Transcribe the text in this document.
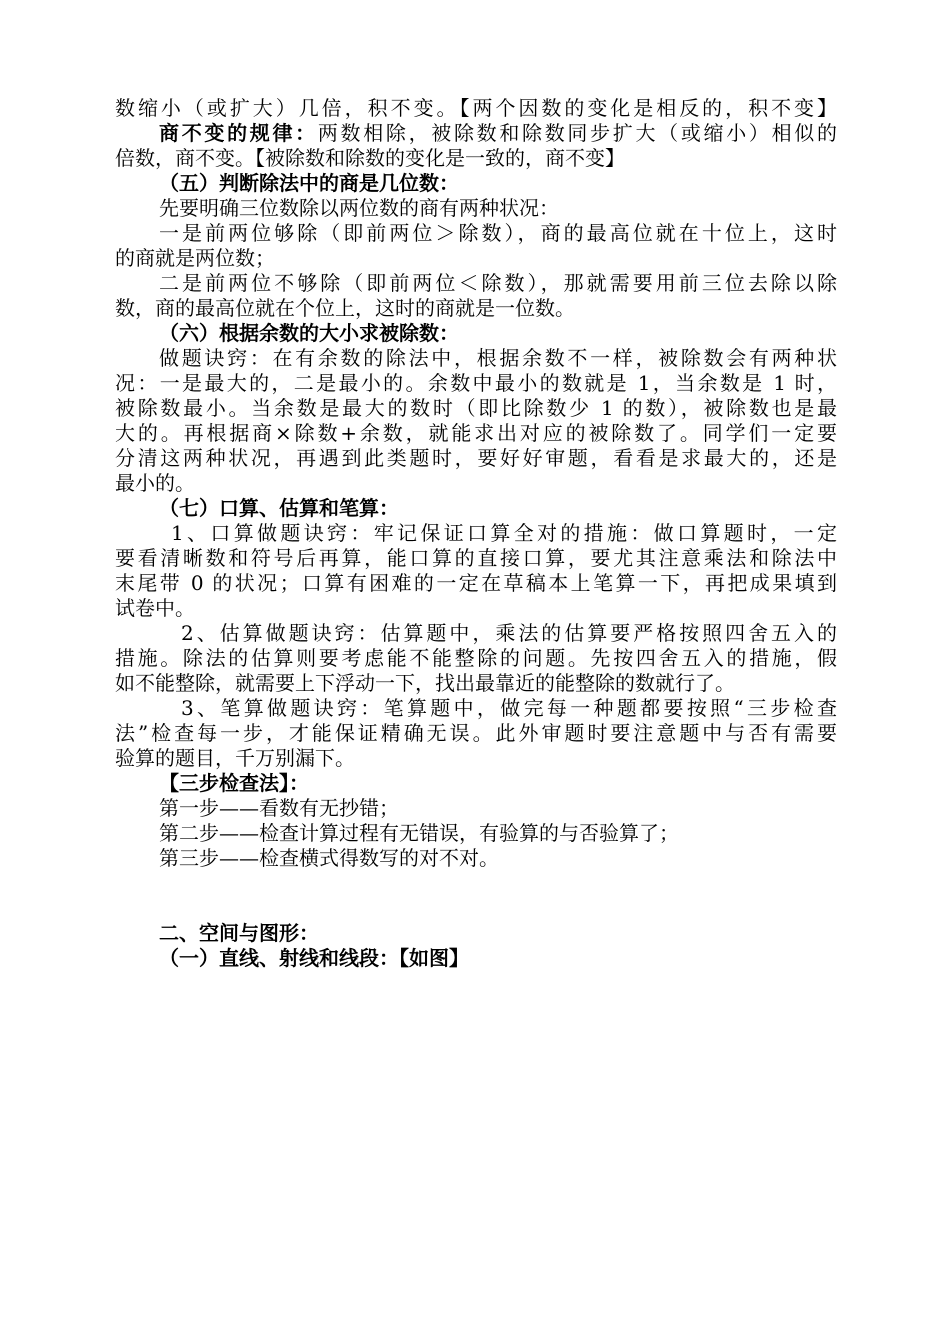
数缩小（或扩大）几倍，积不变。【两个因数的变化是相反的，积不变】
商不变的规律：两数相除，被除数和除数同步扩大（或缩小）相似的
倍数，商不变。【被除数和除数的变化是一致的，商不变】
（五）判断除法中的商是几位数：
先要明确三位数除以两位数的商有两种状况：
一是前两位够除（即前两位＞除数），商的最高位就在十位上，这时
的商就是两位数；
二是前两位不够除（即前两位＜除数），那就需要用前三位去除以除
数，商的最高位就在个位上，这时的商就是一位数。
（六）根据余数的大小求被除数：
做题诀窍：在有余数的除法中，根据余数不一样，被除数会有两种状
况：一是最大的，二是最小的。余数中最小的数就是 1，当余数是 1 时，
被除数最小。当余数是最大的数时（即比除数少 1 的数），被除数也是最
大的。再根据商×除数+余数，就能求出对应的被除数了。同学们一定要
分清这两种状况，再遇到此类题时，要好好审题，看看是求最大的，还是
最小的。
（七）口算、估算和笔算：
1、口算做题诀窍：牢记保证口算全对的措施：做口算题时，一定
要看清晰数和符号后再算，能口算的直接口算，要尤其注意乘法和除法中
末尾带 0 的状况；口算有困难的一定在草稿本上笔算一下，再把成果填到
试卷中。
2、估算做题诀窍：估算题中，乘法的估算要严格按照四舍五入的
措施。除法的估算则要考虑能不能整除的问题。先按四舍五入的措施，假
如不能整除，就需要上下浮动一下，找出最靠近的能整除的数就行了。
3、笔算做题诀窍：笔算题中，做完每一种题都要按照“三步检查
法”检查每一步，才能保证精确无误。此外审题时要注意题中与否有需要
验算的题目，千万别漏下。
【三步检查法】：
第一步——看数有无抄错；
第二步——检查计算过程有无错误，有验算的与否验算了；
第三步——检查横式得数写的对不对。
二、空间与图形：
（一）直线、射线和线段：【如图】
